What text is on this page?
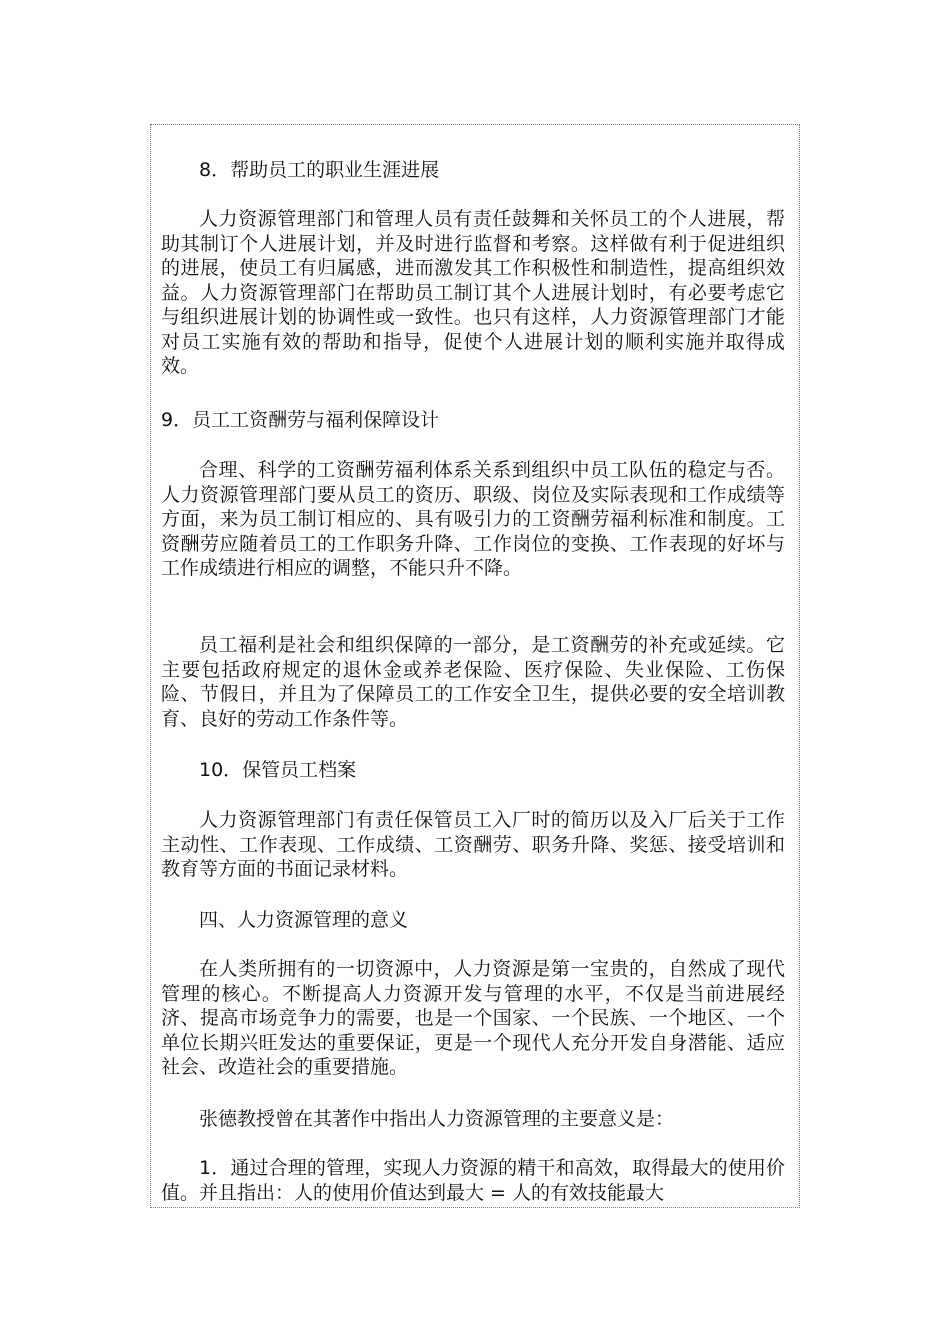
8．帮助员工的职业生涯进展

人力资源管理部门和管理人员有责任鼓舞和关怀员工的个人进展，帮助其制订个人进展计划，并及时进行监督和考察。这样做有利于促进组织的进展，使员工有归属感，进而激发其工作积极性和制造性，提高组织效益。人力资源管理部门在帮助员工制订其个人进展计划时，有必要考虑它与组织进展计划的协调性或一致性。也只有这样，人力资源管理部门才能对员工实施有效的帮助和指导，促使个人进展计划的顺利实施并取得成效。

9．员工工资酬劳与福利保障设计

合理、科学的工资酬劳福利体系关系到组织中员工队伍的稳定与否。人力资源管理部门要从员工的资历、职级、岗位及实际表现和工作成绩等方面，来为员工制订相应的、具有吸引力的工资酬劳福利标准和制度。工资酬劳应随着员工的工作职务升降、工作岗位的变换、工作表现的好坏与工作成绩进行相应的调整，不能只升不降。

员工福利是社会和组织保障的一部分，是工资酬劳的补充或延续。它主要包括政府规定的退休金或养老保险、医疗保险、失业保险、工伤保险、节假日，并且为了保障员工的工作安全卫生，提供必要的安全培训教育、良好的劳动工作条件等。

10．保管员工档案

人力资源管理部门有责任保管员工入厂时的简历以及入厂后关于工作主动性、工作表现、工作成绩、工资酬劳、职务升降、奖惩、接受培训和教育等方面的书面记录材料。

四、人力资源管理的意义

在人类所拥有的一切资源中，人力资源是第一宝贵的，自然成了现代管理的核心。不断提高人力资源开发与管理的水平，不仅是当前进展经济、提高市场竞争力的需要，也是一个国家、一个民族、一个地区、一个单位长期兴旺发达的重要保证，更是一个现代人充分开发自身潜能、适应社会、改造社会的重要措施。

张德教授曾在其著作中指出人力资源管理的主要意义是：

1．通过合理的管理，实现人力资源的精干和高效，取得最大的使用价值。并且指出：人的使用价值达到最大 = 人的有效技能最大
